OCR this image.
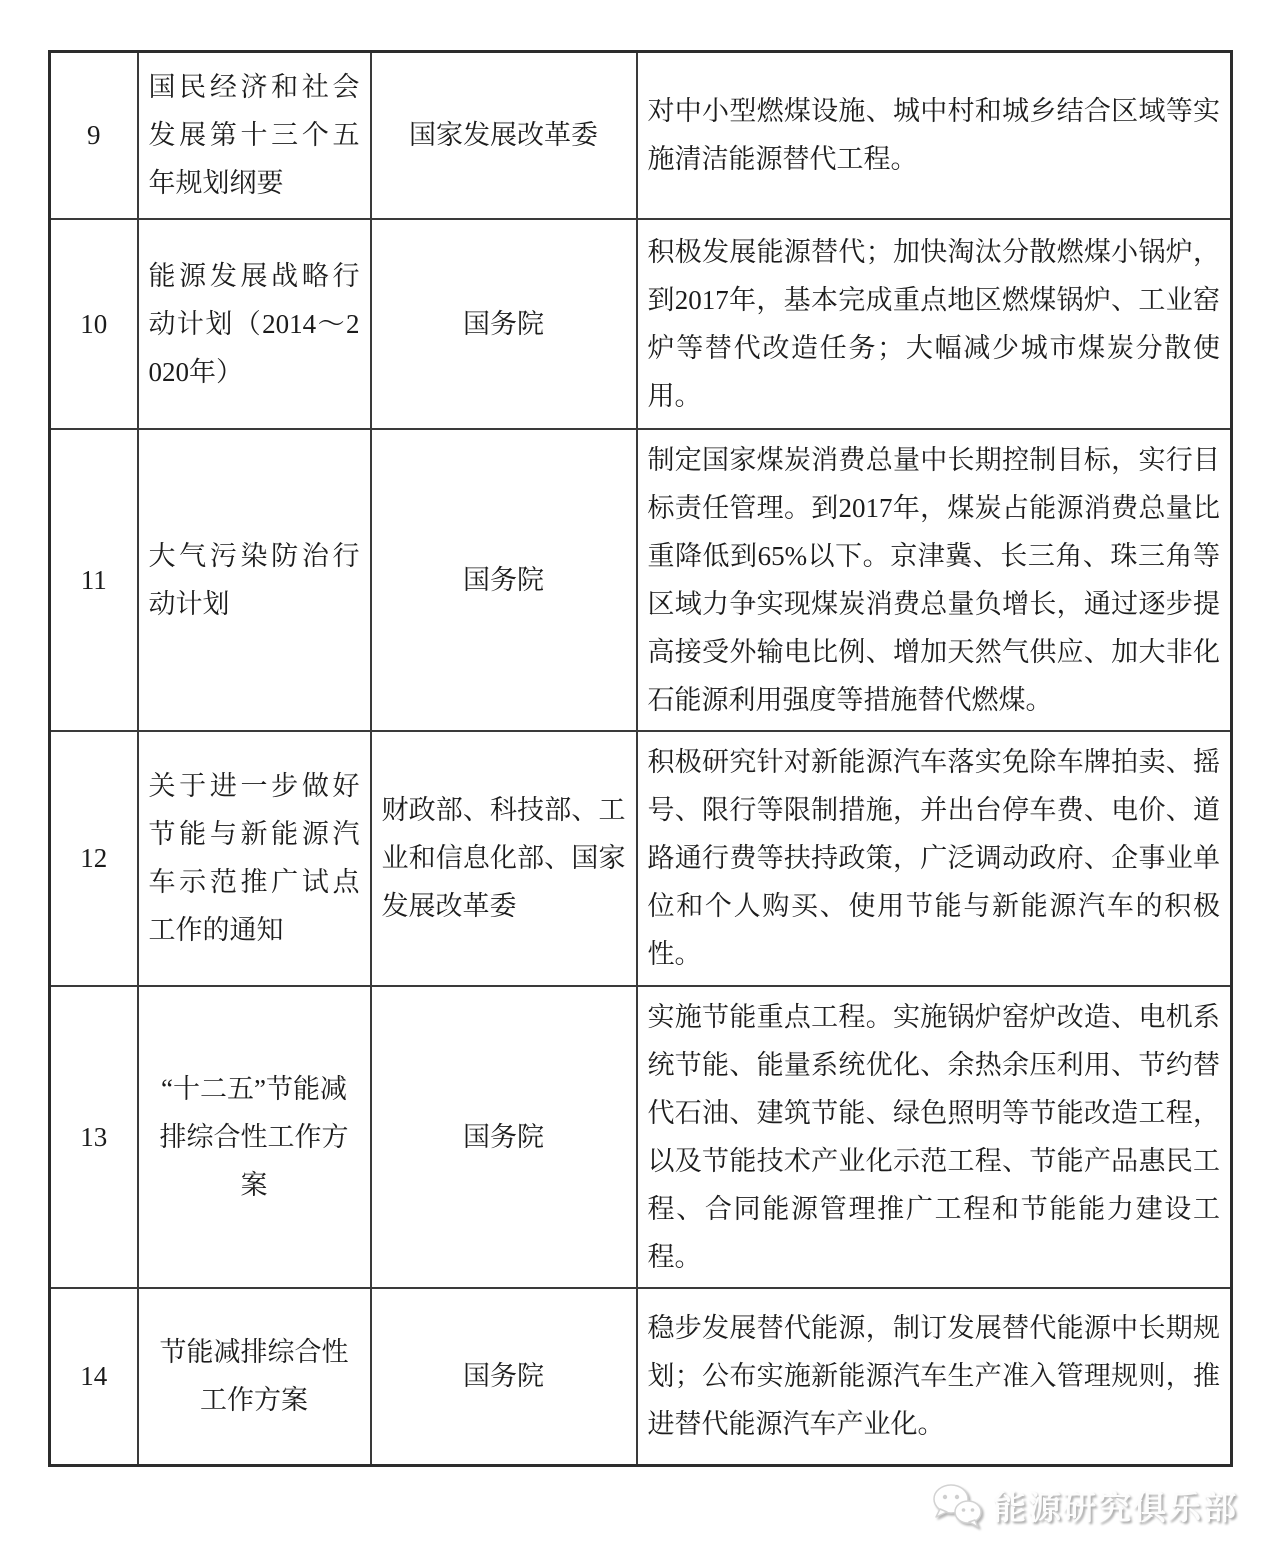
9	国民经济和社会发展第十三个五年规划纲要	国家发展改革委	对中小型燃煤设施、城中村和城乡结合区域等实施清洁能源替代工程。
10	能源发展战略行动计划（2014～2020年）	国务院	积极发展能源替代；加快淘汰分散燃煤小锅炉，到2017年，基本完成重点地区燃煤锅炉、工业窑炉等替代改造任务；大幅减少城市煤炭分散使用。
11	大气污染防治行动计划	国务院	制定国家煤炭消费总量中长期控制目标，实行目标责任管理。到2017年，煤炭占能源消费总量比重降低到65%以下。京津冀、长三角、珠三角等区域力争实现煤炭消费总量负增长，通过逐步提高接受外输电比例、增加天然气供应、加大非化石能源利用强度等措施替代燃煤。
12	关于进一步做好节能与新能源汽车示范推广试点工作的通知	财政部、科技部、工业和信息化部、国家发展改革委	积极研究针对新能源汽车落实免除车牌拍卖、摇号、限行等限制措施，并出台停车费、电价、道路通行费等扶持政策，广泛调动政府、企事业单位和个人购买、使用节能与新能源汽车的积极性。
13	“十二五”节能减排综合性工作方案	国务院	实施节能重点工程。实施锅炉窑炉改造、电机系统节能、能量系统优化、余热余压利用、节约替代石油、建筑节能、绿色照明等节能改造工程，以及节能技术产业化示范工程、节能产品惠民工程、合同能源管理推广工程和节能能力建设工程。
14	节能减排综合性工作方案	国务院	稳步发展替代能源，制订发展替代能源中长期规划；公布实施新能源汽车生产准入管理规则，推进替代能源汽车产业化。
能源研究俱乐部
